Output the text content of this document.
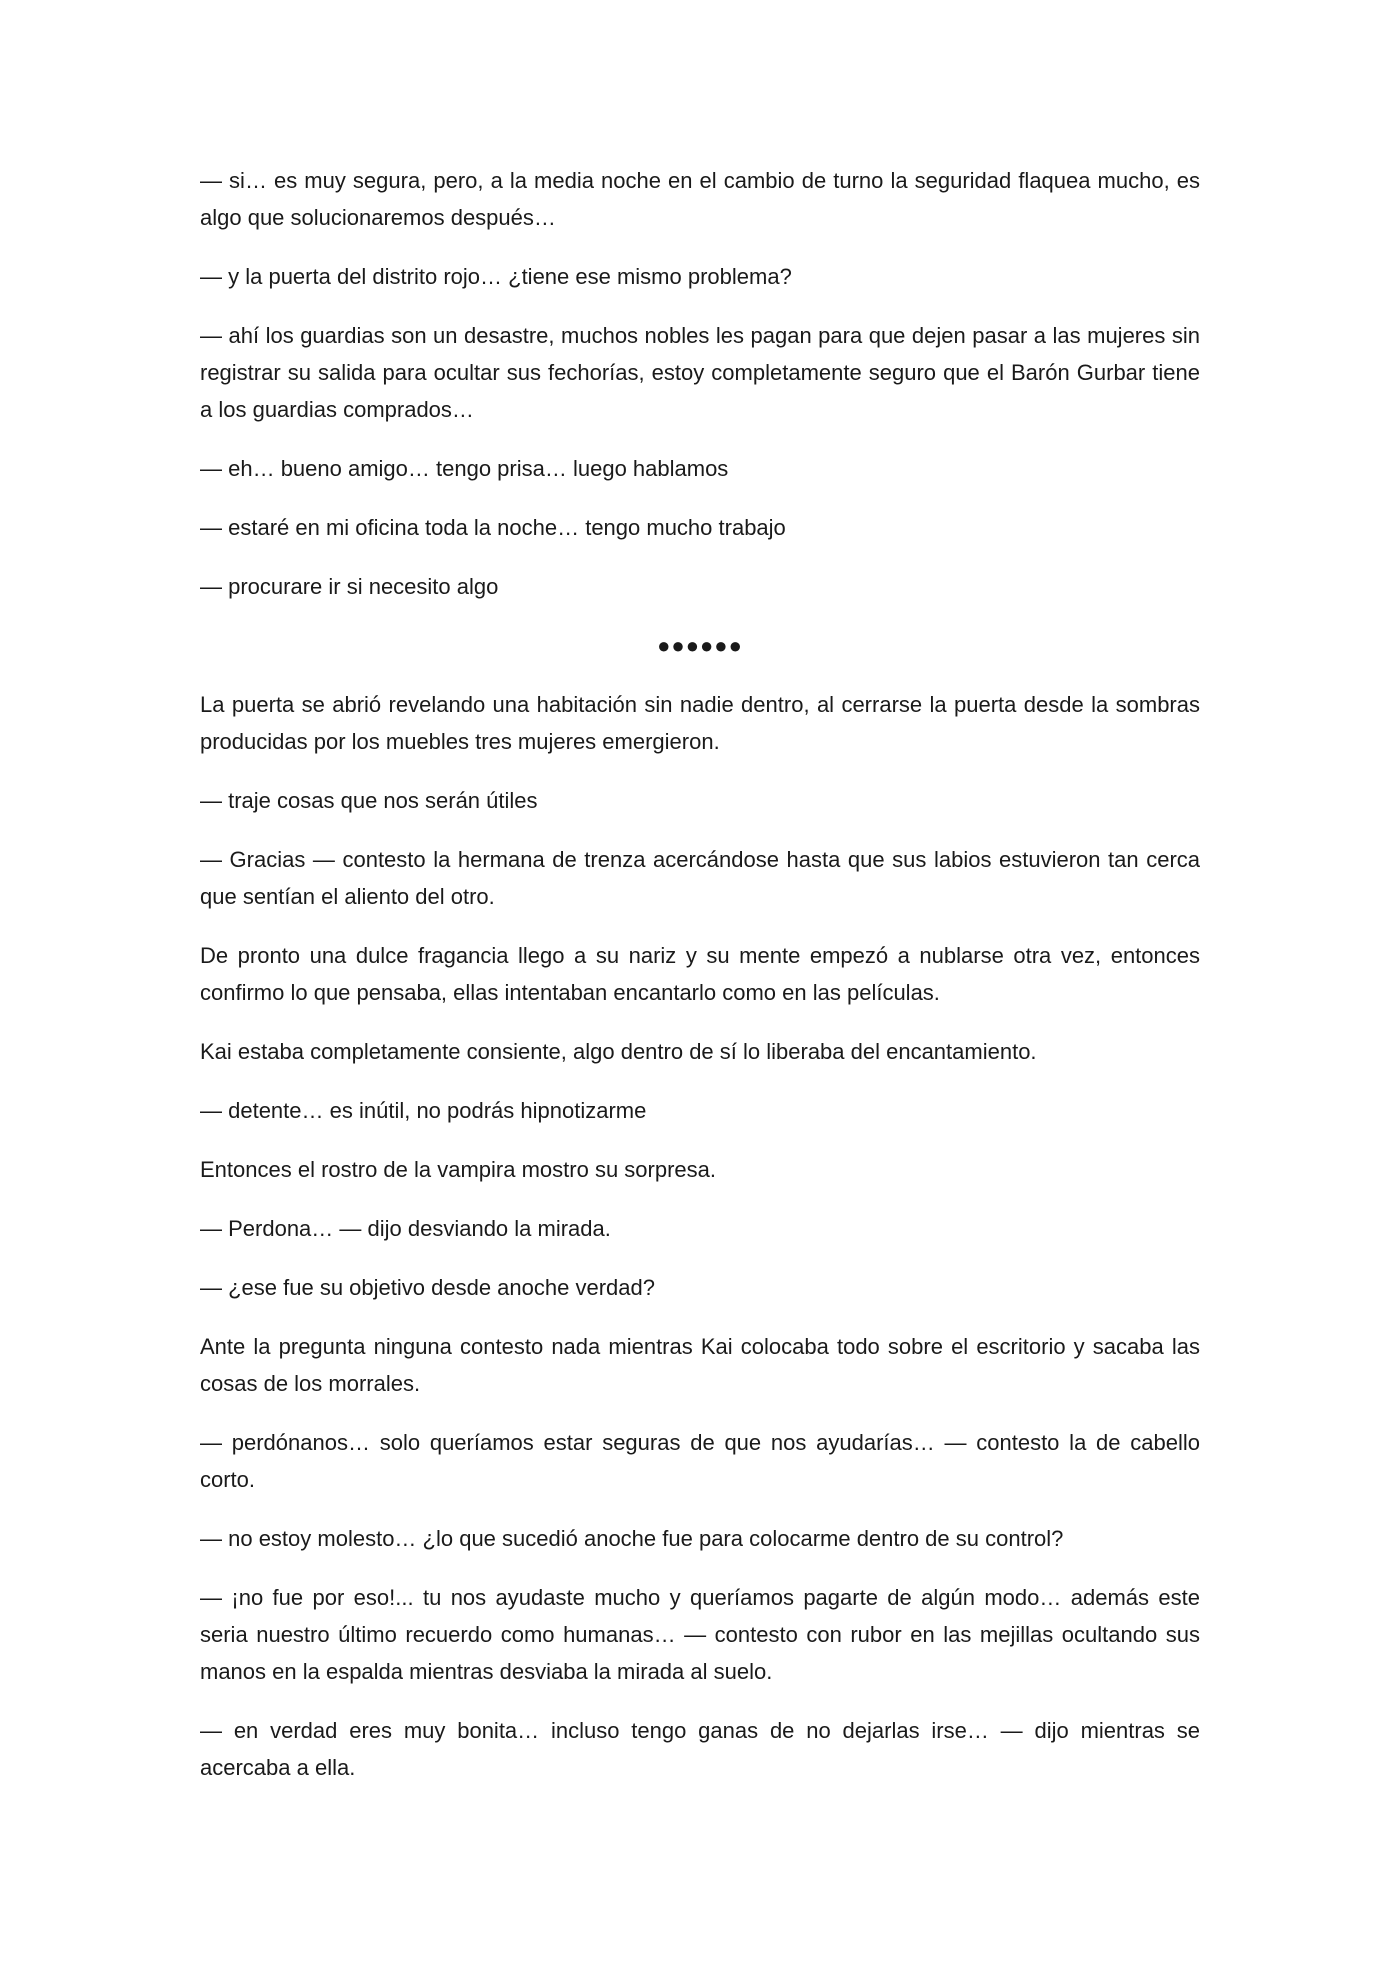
— si… es muy segura, pero, a la media noche en el cambio de turno la seguridad flaquea mucho, es algo que solucionaremos después…

— y la puerta del distrito rojo… ¿tiene ese mismo problema?

— ahí los guardias son un desastre, muchos nobles les pagan para que dejen pasar a las mujeres sin registrar su salida para ocultar sus fechorías, estoy completamente seguro que el Barón Gurbar tiene a los guardias comprados…

— eh… bueno amigo… tengo prisa… luego hablamos

— estaré en mi oficina toda la noche… tengo mucho trabajo

— procurare ir si necesito algo

●●●●●●

La puerta se abrió revelando una habitación sin nadie dentro, al cerrarse la puerta desde la sombras producidas por los muebles tres mujeres emergieron.

— traje cosas que nos serán útiles

— Gracias — contesto la hermana de trenza acercándose hasta que sus labios estuvieron tan cerca que sentían el aliento del otro.

De pronto una dulce fragancia llego a su nariz y su mente empezó a nublarse otra vez, entonces confirmo lo que pensaba, ellas intentaban encantarlo como en las películas.

Kai estaba completamente consiente, algo dentro de sí lo liberaba del encantamiento.

— detente… es inútil, no podrás hipnotizarme

Entonces el rostro de la vampira mostro su sorpresa.

— Perdona… — dijo desviando la mirada.

— ¿ese fue su objetivo desde anoche verdad?

Ante la pregunta ninguna contesto nada mientras Kai colocaba todo sobre el escritorio y sacaba las cosas de los morrales.

— perdónanos… solo queríamos estar seguras de que nos ayudarías… — contesto la de cabello corto.

— no estoy molesto… ¿lo que sucedió anoche fue para colocarme dentro de su control?

— ¡no fue por eso!... tu nos ayudaste mucho y queríamos pagarte de algún modo… además este seria nuestro último recuerdo como humanas… — contesto con rubor en las mejillas ocultando sus manos en la espalda mientras desviaba la mirada al suelo.

— en verdad eres muy bonita… incluso tengo ganas de no dejarlas irse… — dijo mientras se acercaba a ella.
